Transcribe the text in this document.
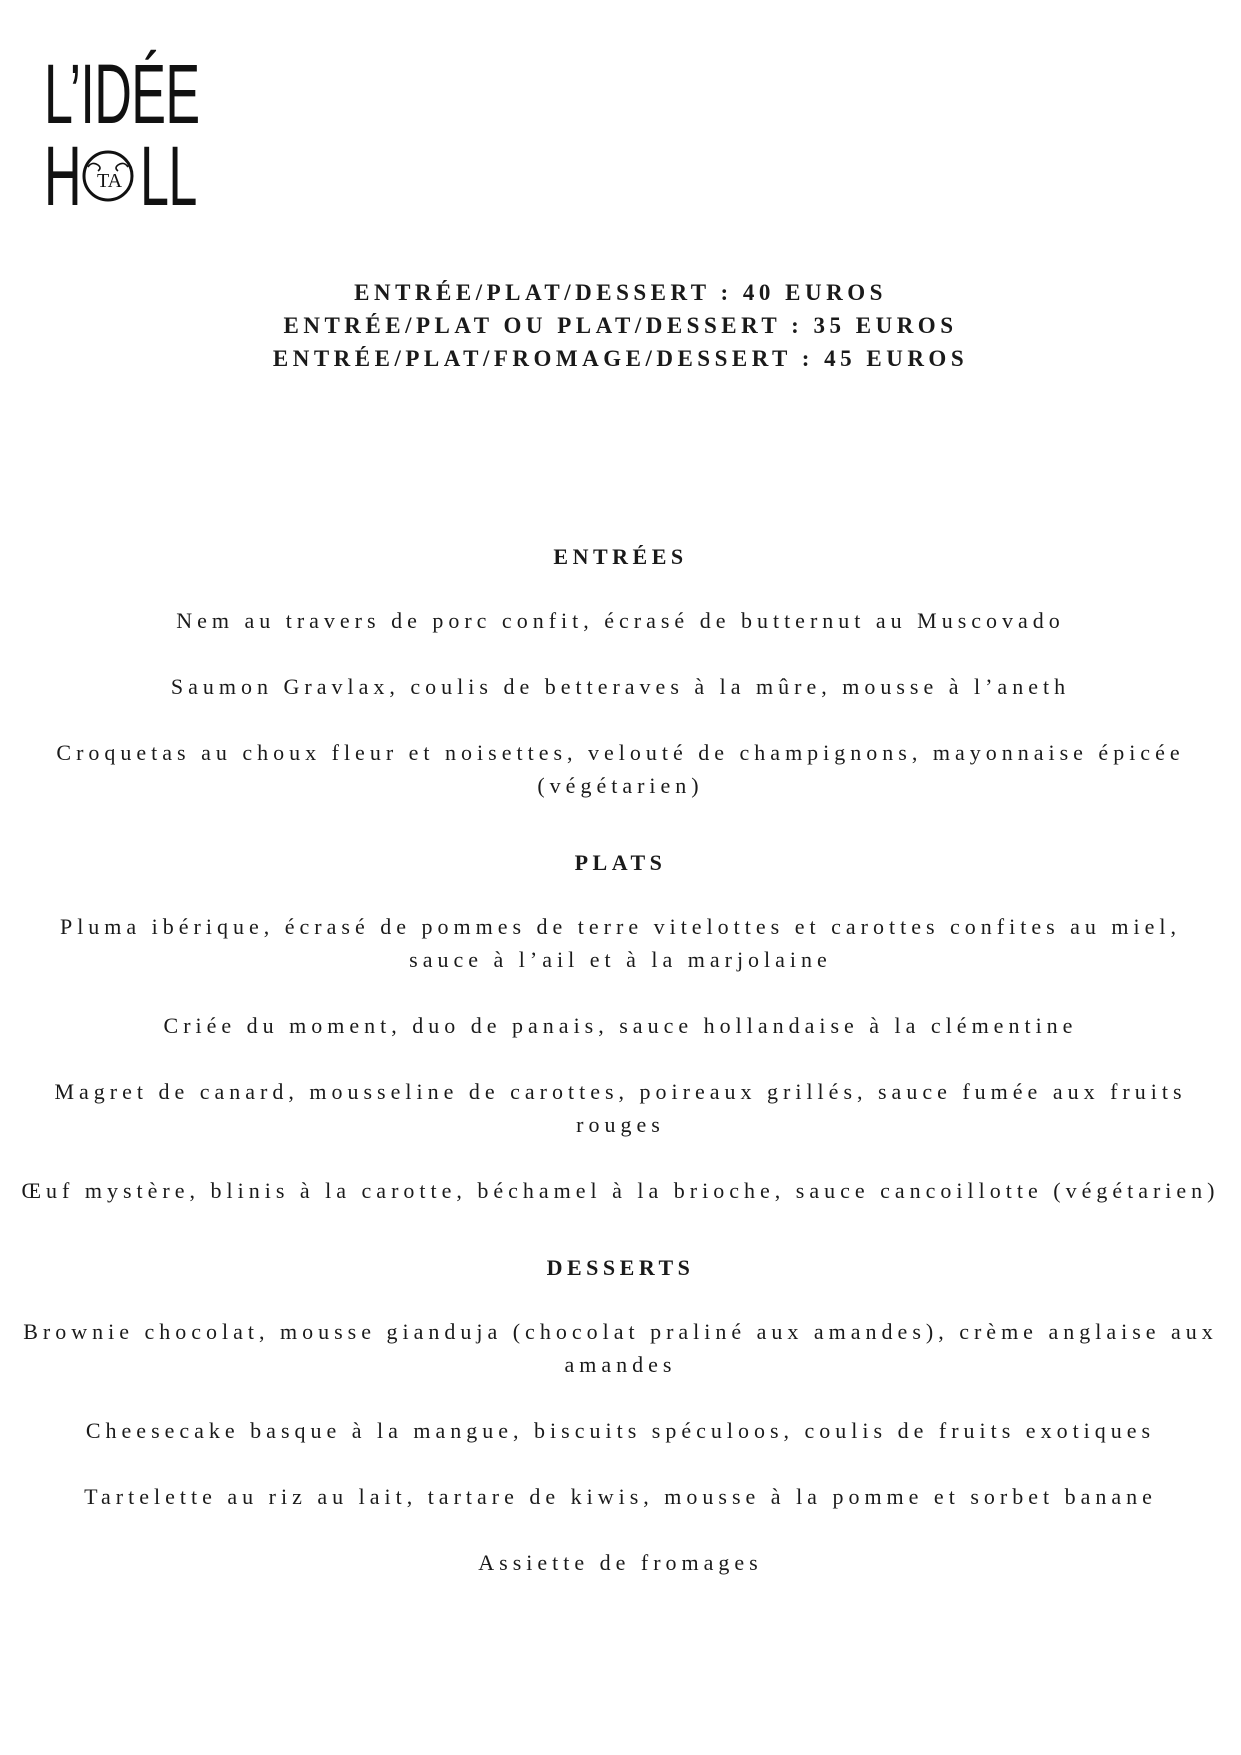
L’IDÉE
H TA LL
ENTRÉE/PLAT/DESSERT : 40 EUROS
ENTRÉE/PLAT OU PLAT/DESSERT : 35 EUROS
ENTRÉE/PLAT/FROMAGE/DESSERT : 45 EUROS
ENTRÉES
Nem au travers de porc confit, écrasé de butternut au Muscovado
Saumon Gravlax, coulis de betteraves à la mûre, mousse à l’aneth
Croquetas au choux fleur et noisettes, velouté de champignons, mayonnaise épicée (végétarien)
PLATS
Pluma ibérique, écrasé de pommes de terre vitelottes et carottes confites au miel, sauce à l’ail et à la marjolaine
Criée du moment, duo de panais, sauce hollandaise à la clémentine
Magret de canard, mousseline de carottes, poireaux grillés, sauce fumée aux fruits rouges
Œuf mystère, blinis à la carotte, béchamel à la brioche, sauce cancoillotte (végétarien)
DESSERTS
Brownie chocolat, mousse gianduja (chocolat praliné aux amandes), crème anglaise aux amandes
Cheesecake basque à la mangue, biscuits spéculoos, coulis de fruits exotiques
Tartelette au riz au lait, tartare de kiwis, mousse à la pomme et sorbet banane
Assiette de fromages
